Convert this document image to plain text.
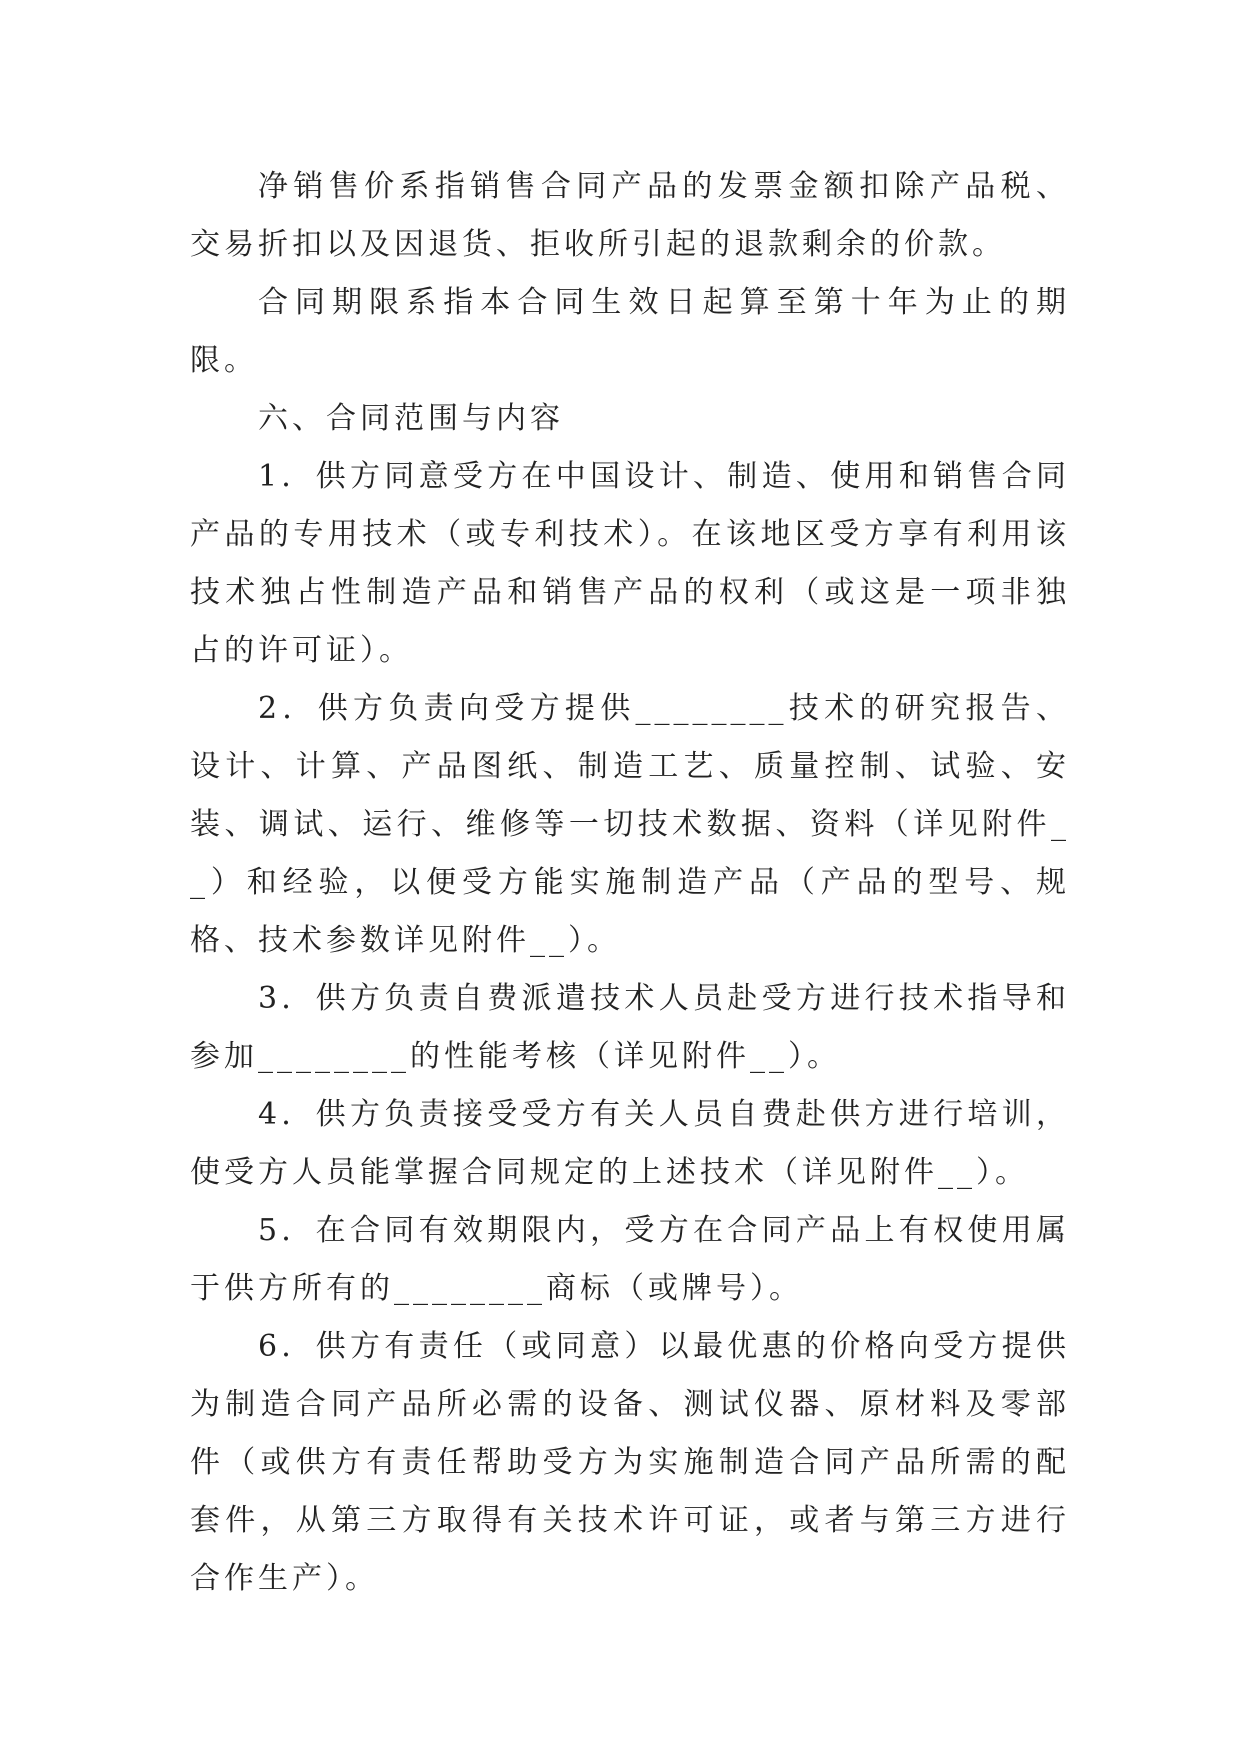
净销售价系指销售合同产品的发票金额扣除产品税、交易折扣以及因退货、拒收所引起的退款剩余的价款。

合同期限系指本合同生效日起算至第十年为止的期限。

六、合同范围与内容

1．供方同意受方在中国设计、制造、使用和销售合同产品的专用技术（或专利技术）。在该地区受方享有利用该技术独占性制造产品和销售产品的权利（或这是一项非独占的许可证）。

2．供方负责向受方提供________技术的研究报告、设计、计算、产品图纸、制造工艺、质量控制、试验、安装、调试、运行、维修等一切技术数据、资料（详见附件__）和经验，以便受方能实施制造产品（产品的型号、规格、技术参数详见附件__）。

3．供方负责自费派遣技术人员赴受方进行技术指导和参加________的性能考核（详见附件__）。

4．供方负责接受受方有关人员自费赴供方进行培训，使受方人员能掌握合同规定的上述技术（详见附件__）。

5．在合同有效期限内，受方在合同产品上有权使用属于供方所有的________商标（或牌号）。

6．供方有责任（或同意）以最优惠的价格向受方提供为制造合同产品所必需的设备、测试仪器、原材料及零部件（或供方有责任帮助受方为实施制造合同产品所需的配套件，从第三方取得有关技术许可证，或者与第三方进行合作生产）。
